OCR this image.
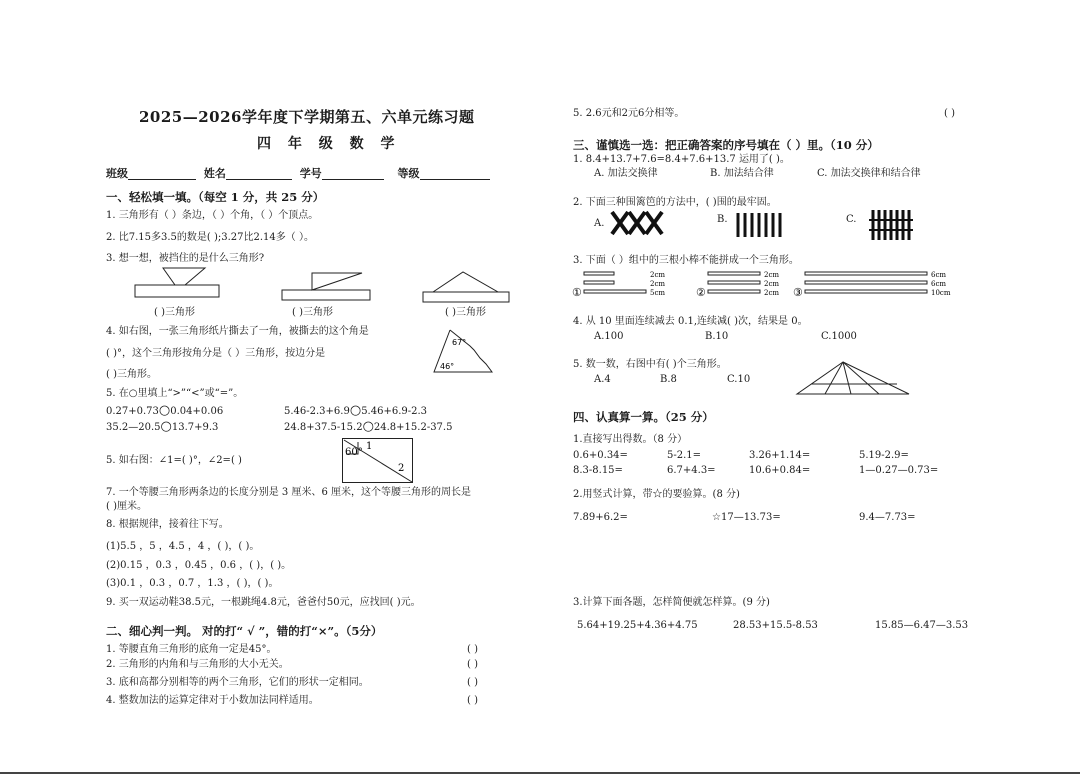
2025—2026学年度下学期第五、六单元练习题
四 年 级 数 学
班级	姓名	学号	等级
一、轻松填一填。（每空 1 分，共 25 分）
1. 三角形有（ ）条边，（ ）个角，（ ）个顶点。
2. 比7.15多3.5的数是( );3.27比2.14多（ ）。
3. 想一想，被挡住的是什么三角形?
( )三角形	( )三角形	( )三角形
4. 如右图，一张三角形纸片撕去了一角，被撕去的这个角是
( )°，这个三角形按角分是（ ）三角形，按边分是
( )三角形。
67°
46°
5. 在○里填上“>”“<”或“=”。
0.27+0.73○0.04+0.06	5.46-2.3+6.9○5.46+6.9-2.3
35.2—20.5○13.7+9.3	24.8+37.5-15.2○24.8+15.2-37.5
5. 如右图：∠1=( )°，∠2=( )
60°
1
2
7. 一个等腰三角形两条边的长度分别是 3 厘米、6 厘米，这个等腰三角形的周长是
( )厘米。
8. 根据规律，接着往下写。
(1)5.5 ，5 ，4.5 ，4 ，( )，( )。
(2)0.15 ，0.3 ，0.45 ，0.6 ，( )，( )。
(3)0.1 ，0.3 ，0.7 ，1.3 ，( )，( )。
9. 买一双运动鞋38.5元，一根跳绳4.8元，爸爸付50元，应找回( )元。
二、细心判一判。 对的打“ √ ”，错的打“×”。（5分）
1. 等腰直角三角形的底角一定是45°。	( )
2. 三角形的内角和与三角形的大小无关。	( )
3. 底和高都分别相等的两个三角形，它们的形状一定相同。	( )
4. 整数加法的运算定律对于小数加法同样适用。	( )
5. 2.6元和2元6分相等。	( )
三、谨慎选一选：把正确答案的序号填在（ ）里。（10 分）
1. 8.4+13.7+7.6=8.4+7.6+13.7 运用了( )。
A. 加法交换律	B. 加法结合律	C. 加法交换律和结合律
2. 下面三种围篱笆的方法中，( )围的最牢固。
A.	B.	C.
3. 下面（ ）组中的三根小棒不能拼成一个三角形。
①
2cm
2cm
5cm	②
2cm
2cm
2cm ③
6cm
6cm
10cm
4. 从 10 里面连续减去 0.1,连续减( )次，结果是 0。
A.100	B.10	C.1000
5. 数一数，右图中有( )个三角形。
A.4	B.8	C.10
四、认真算一算。（25 分）
1.直接写出得数。（8 分）
0.6+0.34=	5-2.1=	3.26+1.14=	5.19-2.9=
8.3-8.15=	6.7+4.3=	10.6+0.84=	1—0.27—0.73=
2.用竖式计算，带☆的要验算。(8 分)
7.89+6.2=	☆17—13.73=	9.4—7.73=
3.计算下面各题，怎样简便就怎样算。(9 分)
5.64+19.25+4.36+4.75	28.53+15.5-8.53	15.85—6.47—3.53
